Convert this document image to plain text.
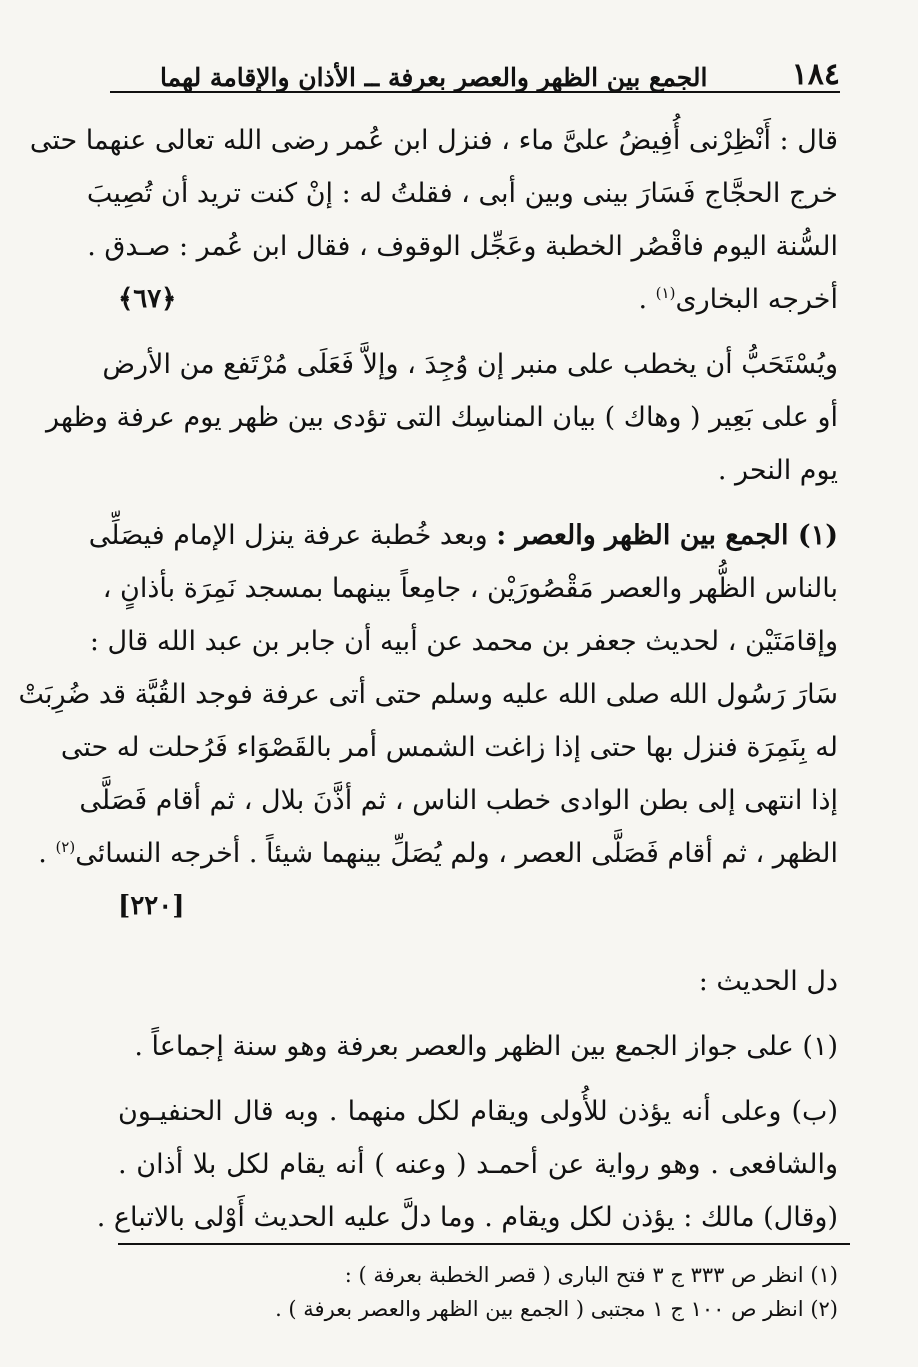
١٨٤
الجمع بين الظهر والعصر بعرفة ــ الأذان والإقامة لهما
قال : أَنْظِرْنى أُفِيضُ علىَّ ماء ، فنزل ابن عُمر رضى الله تعالى عنهما حتى
خرج الحجَّاج فَسَارَ بينى وبين أبى ، فقلتُ له : إنْ كنت تريد أن تُصِيبَ
السُّنة اليوم فاقْصُر الخطبة وعَجِّل الوقوف ، فقال ابن عُمر : صـدق .
أخرجه البخارى$^{(١)}$ .
﴿٦٧﴾
ويُسْتَحَبُّ أن يخطب على منبر إن وُجِدَ ، وإلاَّ فَعَلَى مُرْتَفع من الأرض
أو على بَعِير ( وهاك ) بيان المناسِك التى تؤدى بين ظهر يوم عرفة وظهر
يوم النحر .
(١) الجمع بين الظهر والعصر : وبعد خُطبة عرفة ينزل الإمام فيصَلِّى
بالناس الظُّهر والعصر مَقْصُورَيْن ، جامِعاً بينهما بمسجد نَمِرَة بأذانٍ ،
وإقامَتَيْن ، لحديث جعفر بن محمد عن أبيه أن جابر بن عبد الله قال :
سَارَ رَسُول الله صلى الله عليه وسلم حتى أتى عرفة فوجد القُبَّة قد ضُرِبَتْ
له بِنَمِرَة فنزل بها حتى إذا زاغت الشمس أمر بالقَصْوَاء فَرُحلت له حتى
إذا انتهى إلى بطن الوادى خطب الناس ، ثم أذَّنَ بلال ، ثم أقام فَصَلَّى
الظهر ، ثم أقام فَصَلَّى العصر ، ولم يُصَلِّ بينهما شيئاً . أخرجه النسائى$^{(٢)}$ .
[٢٢٠]
دل الحديث :
(١) على جواز الجمع بين الظهر والعصر بعرفة وهو سنة إجماعاً .
(ب) وعلى أنه يؤذن للأُولى ويقام لكل منهما . وبه قال الحنفيـون
والشافعى . وهو رواية عن أحمـد ( وعنه ) أنه يقام لكل بلا أذان .
(وقال) مالك : يؤذن لكل ويقام . وما دلَّ عليه الحديث أَوْلى بالاتباع .
(١) انظر ص ٣٣٣ ج ٣ فتح البارى ( قصر الخطبة بعرفة ) :
(٢) انظر ص ١٠٠ ج ١ مجتبى ( الجمع بين الظهر والعصر بعرفة ) .
